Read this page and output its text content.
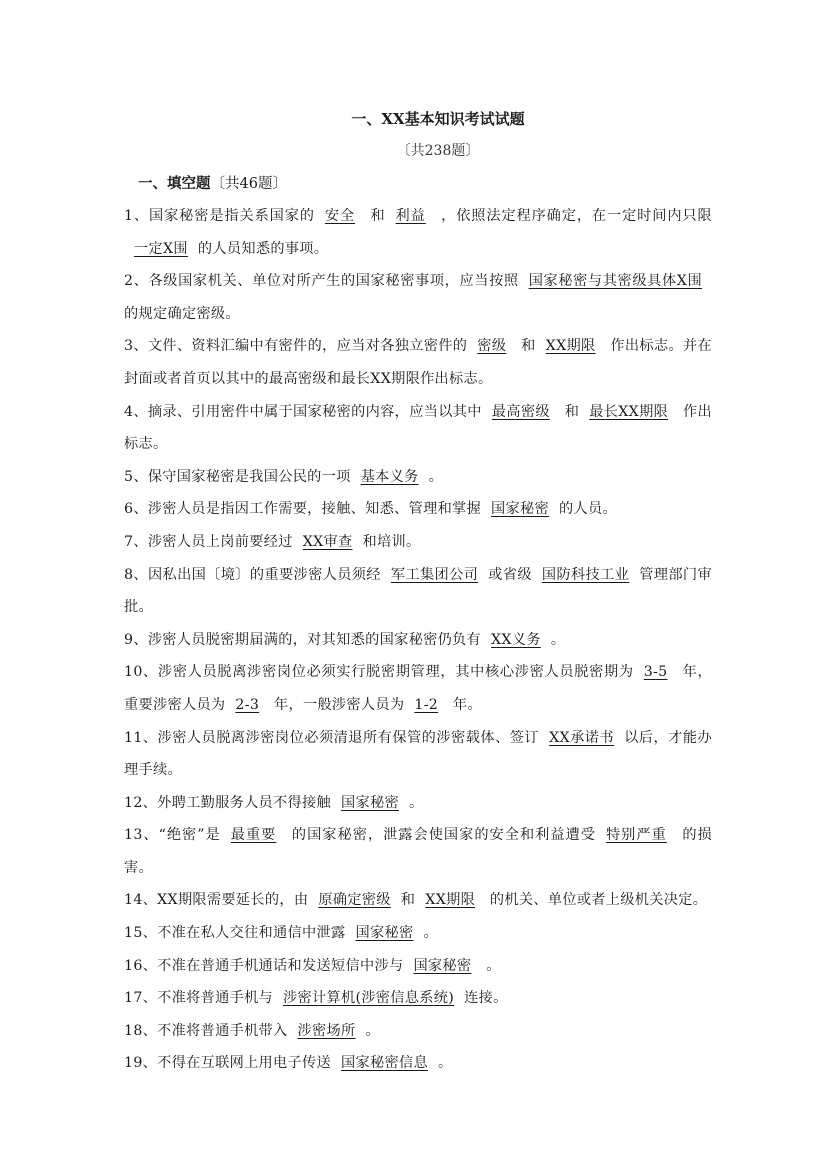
一、XX基本知识考试试题
〔共238题〕
一、填空题〔共46题〕

1、国家秘密是指关系国家的 安全 和 利益 ，依照法定程序确定，在一定时间内只限一定X围 的人员知悉的事项。

2、各级国家机关、单位对所产生的国家秘密事项，应当按照 国家秘密与其密级具体X围 的规定确定密级。

3、文件、资料汇编中有密件的，应当对各独立密件的 密级 和 XX期限 作出标志。并在封面或者首页以其中的最高密级和最长XX期限作出标志。

4、摘录、引用密件中属于国家秘密的内容，应当以其中 最高密级 和 最长XX期限 作出标志。

5、保守国家秘密是我国公民的一项 基本义务 。

6、涉密人员是指因工作需要，接触、知悉、管理和掌握 国家秘密 的人员。

7、涉密人员上岗前要经过 XX审查 和培训。

8、因私出国〔境〕的重要涉密人员须经 军工集团公司 或省级 国防科技工业 管理部门审批。

9、涉密人员脱密期届满的，对其知悉的国家秘密仍负有 XX义务 。

10、涉密人员脱离涉密岗位必须实行脱密期管理，其中核心涉密人员脱密期为 3-5 年，重要涉密人员为 2-3 年，一般涉密人员为 1-2 年。

11、涉密人员脱离涉密岗位必须清退所有保管的涉密载体、签订 XX承诺书 以后，才能办理手续。

12、外聘工勤服务人员不得接触 国家秘密 。

13、“绝密”是 最重要 的国家秘密，泄露会使国家的安全和利益遭受 特别严重 的损害。

14、XX期限需要延长的，由 原确定密级 和 XX期限 的机关、单位或者上级机关决定。

15、不准在私人交往和通信中泄露 国家秘密 。

16、不准在普通手机通话和发送短信中涉与 国家秘密 。

17、不准将普通手机与 涉密计算机(涉密信息系统) 连接。

18、不准将普通手机带入 涉密场所 。

19、不得在互联网上用电子传送 国家秘密信息 。
